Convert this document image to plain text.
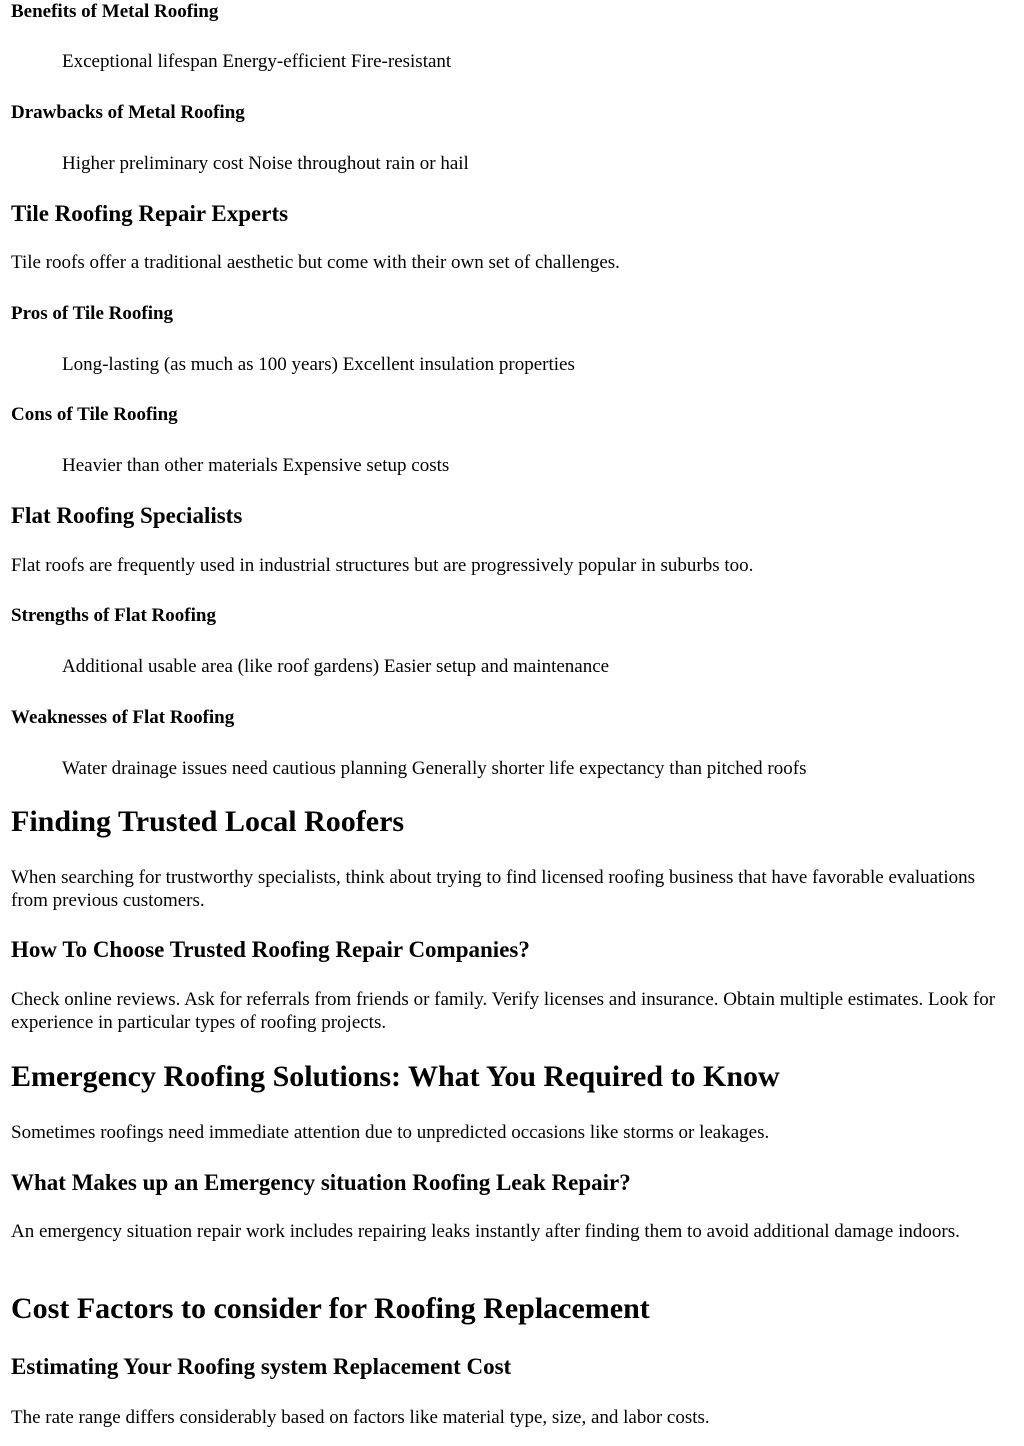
Benefits of Metal Roofing

Exceptional lifespan Energy-efficient Fire-resistant

Drawbacks of Metal Roofing

Higher preliminary cost Noise throughout rain or hail

Tile Roofing Repair Experts

Tile roofs offer a traditional aesthetic but come with their own set of challenges.

Pros of Tile Roofing

Long-lasting (as much as 100 years) Excellent insulation properties

Cons of Tile Roofing

Heavier than other materials Expensive setup costs

Flat Roofing Specialists

Flat roofs are frequently used in industrial structures but are progressively popular in suburbs too.

Strengths of Flat Roofing

Additional usable area (like roof gardens) Easier setup and maintenance

Weaknesses of Flat Roofing

Water drainage issues need cautious planning Generally shorter life expectancy than pitched roofs

Finding Trusted Local Roofers

When searching for trustworthy specialists, think about trying to find licensed roofing business that have favorable evaluations from previous customers.

How To Choose Trusted Roofing Repair Companies?

Check online reviews. Ask for referrals from friends or family. Verify licenses and insurance. Obtain multiple estimates. Look for experience in particular types of roofing projects.

Emergency Roofing Solutions: What You Required to Know

Sometimes roofings need immediate attention due to unpredicted occasions like storms or leakages.

What Makes up an Emergency situation Roofing Leak Repair?

An emergency situation repair work includes repairing leaks instantly after finding them to avoid additional damage indoors.

Cost Factors to consider for Roofing Replacement
Estimating Your Roofing system Replacement Cost

The rate range differs considerably based on factors like material type, size, and labor costs.
